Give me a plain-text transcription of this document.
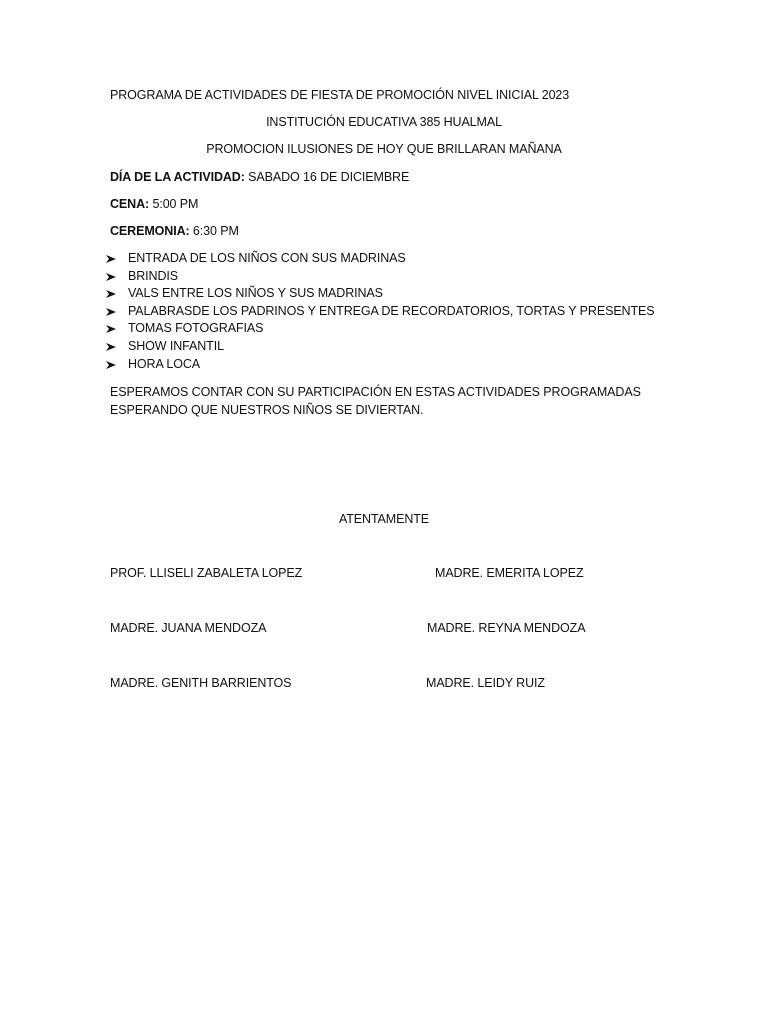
PROGRAMA DE ACTIVIDADES DE FIESTA DE PROMOCIÓN NIVEL INICIAL 2023
INSTITUCIÓN EDUCATIVA 385 HUALMAL
PROMOCION ILUSIONES DE HOY QUE BRILLARAN MAÑANA
DÍA DE LA ACTIVIDAD: SABADO 16 DE DICIEMBRE
CENA: 5:00 PM
CEREMONIA: 6:30 PM
ENTRADA DE LOS NIÑOS CON SUS MADRINAS
BRINDIS
VALS ENTRE LOS NIÑOS Y SUS MADRINAS
PALABRASDE LOS PADRINOS Y ENTREGA DE RECORDATORIOS, TORTAS Y PRESENTES
TOMAS FOTOGRAFIAS
SHOW INFANTIL
HORA LOCA
ESPERAMOS CONTAR CON SU PARTICIPACIÓN EN ESTAS ACTIVIDADES PROGRAMADAS
ESPERANDO QUE NUESTROS NIÑOS SE DIVIERTAN.
ATENTAMENTE
PROF. LLISELI ZABALETA LOPEZ	MADRE. EMERITA LOPEZ
MADRE. JUANA MENDOZA	MADRE. REYNA MENDOZA
MADRE. GENITH BARRIENTOS	MADRE. LEIDY RUIZ
